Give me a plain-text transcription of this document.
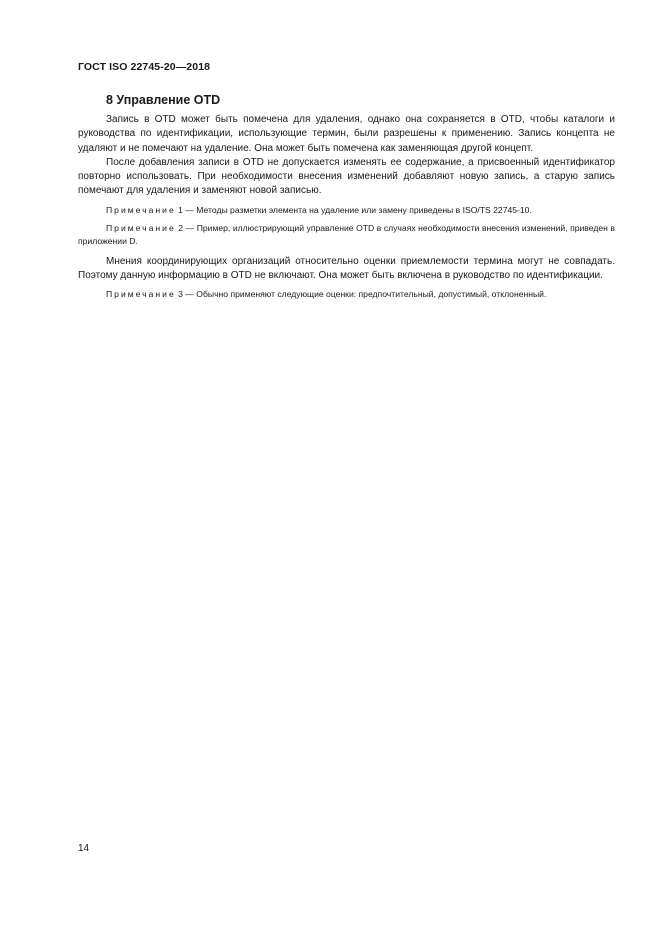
ГОСТ ISO 22745-20—2018
8 Управление OTD

Запись в OTD может быть помечена для удаления, однако она сохраняется в OTD, чтобы каталоги и руководства по идентификации, использующие термин, были разрешены к применению. Запись концепта не удаляют и не помечают на удаление. Она может быть помечена как заменяющая другой концепт.

После добавления записи в OTD не допускается изменять ее содержание, а присвоенный идентификатор повторно использовать. При необходимости внесения изменений добавляют новую запись, а старую запись помечают для удаления и заменяют новой записью.

Примечание 1 — Методы разметки элемента на удаление или замену приведены в ISO/TS 22745-10.

Примечание 2 — Пример, иллюстрирующий управление OTD в случаях необходимости внесения изменений, приведен в приложении D.

Мнения координирующих организаций относительно оценки приемлемости термина могут не совпадать. Поэтому данную информацию в OTD не включают. Она может быть включена в руководство по идентификации.

Примечание 3 — Обычно применяют следующие оценки: предпочтительный, допустимый, отклоненный.

14
